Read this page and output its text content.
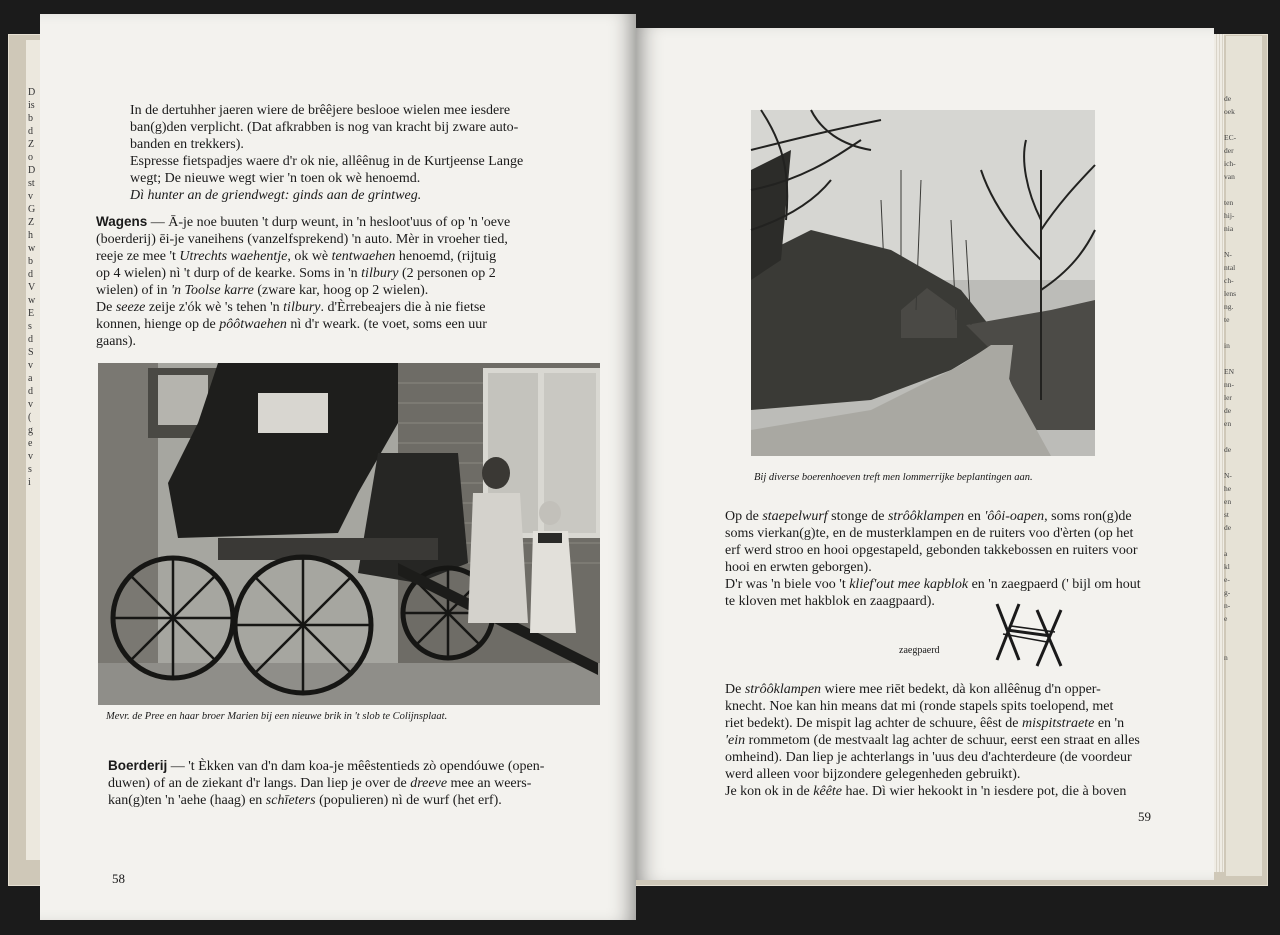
D
is
b
d
Z
o
D
st
v
G
Z
h
w
b
d
V
w
E
s
d
S
v
a
d
v
(
g
e
v
s
i
de
oek
EC-
der
ich-
van
ten
hij-
nia
N-
ntal
ch-
lens
ng.
te
in
EN
nn-
ler
de
en
de
N-
he
en
st
de
a
kl
e-
g-
n-
e
n
In de dertuhher jaeren wiere de brêêjere beslooe wielen mee iesdere
ban(g)den verplicht. (Dat afkrabben is nog van kracht bij zware auto-
banden en trekkers).
Espresse fietspadjes waere d'r ok nie, allêênug in de Kurtjeense Lange
wegt; De nieuwe wegt wier 'n toen ok wè henoemd.
Dì hunter an de griendwegt: ginds aan de grintweg.
Wagens — Ā-je noe buuten 't durp weunt, in 'n hesloot'uus of op 'n 'oeve
(boerderij) ēi-je vaneihens (vanzelfsprekend) 'n auto. Mèr in vroeher tied,
reeje ze mee 't Utrechts waehentje, ok wè tentwaehen henoemd, (rijtuig
op 4 wielen) nì 't durp of de kearke. Soms in 'n tilbury (2 personen op 2
wielen) of in 'n Toolse karre (zware kar, hoog op 2 wielen).
De seeze zeije z'ók wè 's tehen 'n tilbury. d'Èrrebeajers die à nie fietse
konnen, hienge op de pôôtwaehen nì d'r weark. (te voet, soms een uur
gaans).
Mevr. de Pree en haar broer Marien bij een nieuwe brik in 't slob te Colijnsplaat.
Boerderij — 't Èkken van d'n dam koa-je mêêstentieds zò opendóuwe (open-
duwen) of an de ziekant d'r langs. Dan liep je over de dreeve mee an weers-
kan(g)ten 'n 'aehe (haag) en schīeters (populieren) nì de wurf (het erf).
58
Bij diverse boerenhoeven treft men lommerrijke beplantingen aan.
Op de staepelwurf stonge de strôôklampen en 'ôôi-oapen, soms ron(g)de
soms vierkan(g)te, en de musterklampen en de ruiters voo d'èrten (op het
erf werd stroo en hooi opgestapeld, gebonden takkebossen en ruiters voor
hooi en erwten geborgen).
D'r was 'n biele voo 't klief'out mee kapblok en 'n zaegpaerd (' bijl om hout
te kloven met hakblok en zaagpaard).
zaegpaerd
De strôôklampen wiere mee riēt bedekt, dà kon allêênug d'n opper-
knecht. Noe kan hin means dat mi (ronde stapels spits toelopend, met
riet bedekt). De mispit lag achter de schuure, êêst de mispitstraete en 'n
'ein rommetom (de mestvaalt lag achter de schuur, eerst een straat en alles
omheind). Dan liep je achterlangs in 'uus deu d'achterdeure (de voordeur
werd alleen voor bijzondere gelegenheden gebruikt).
Je kon ok in de kêête hae. Dì wier hekookt in 'n iesdere pot, die à boven
59
